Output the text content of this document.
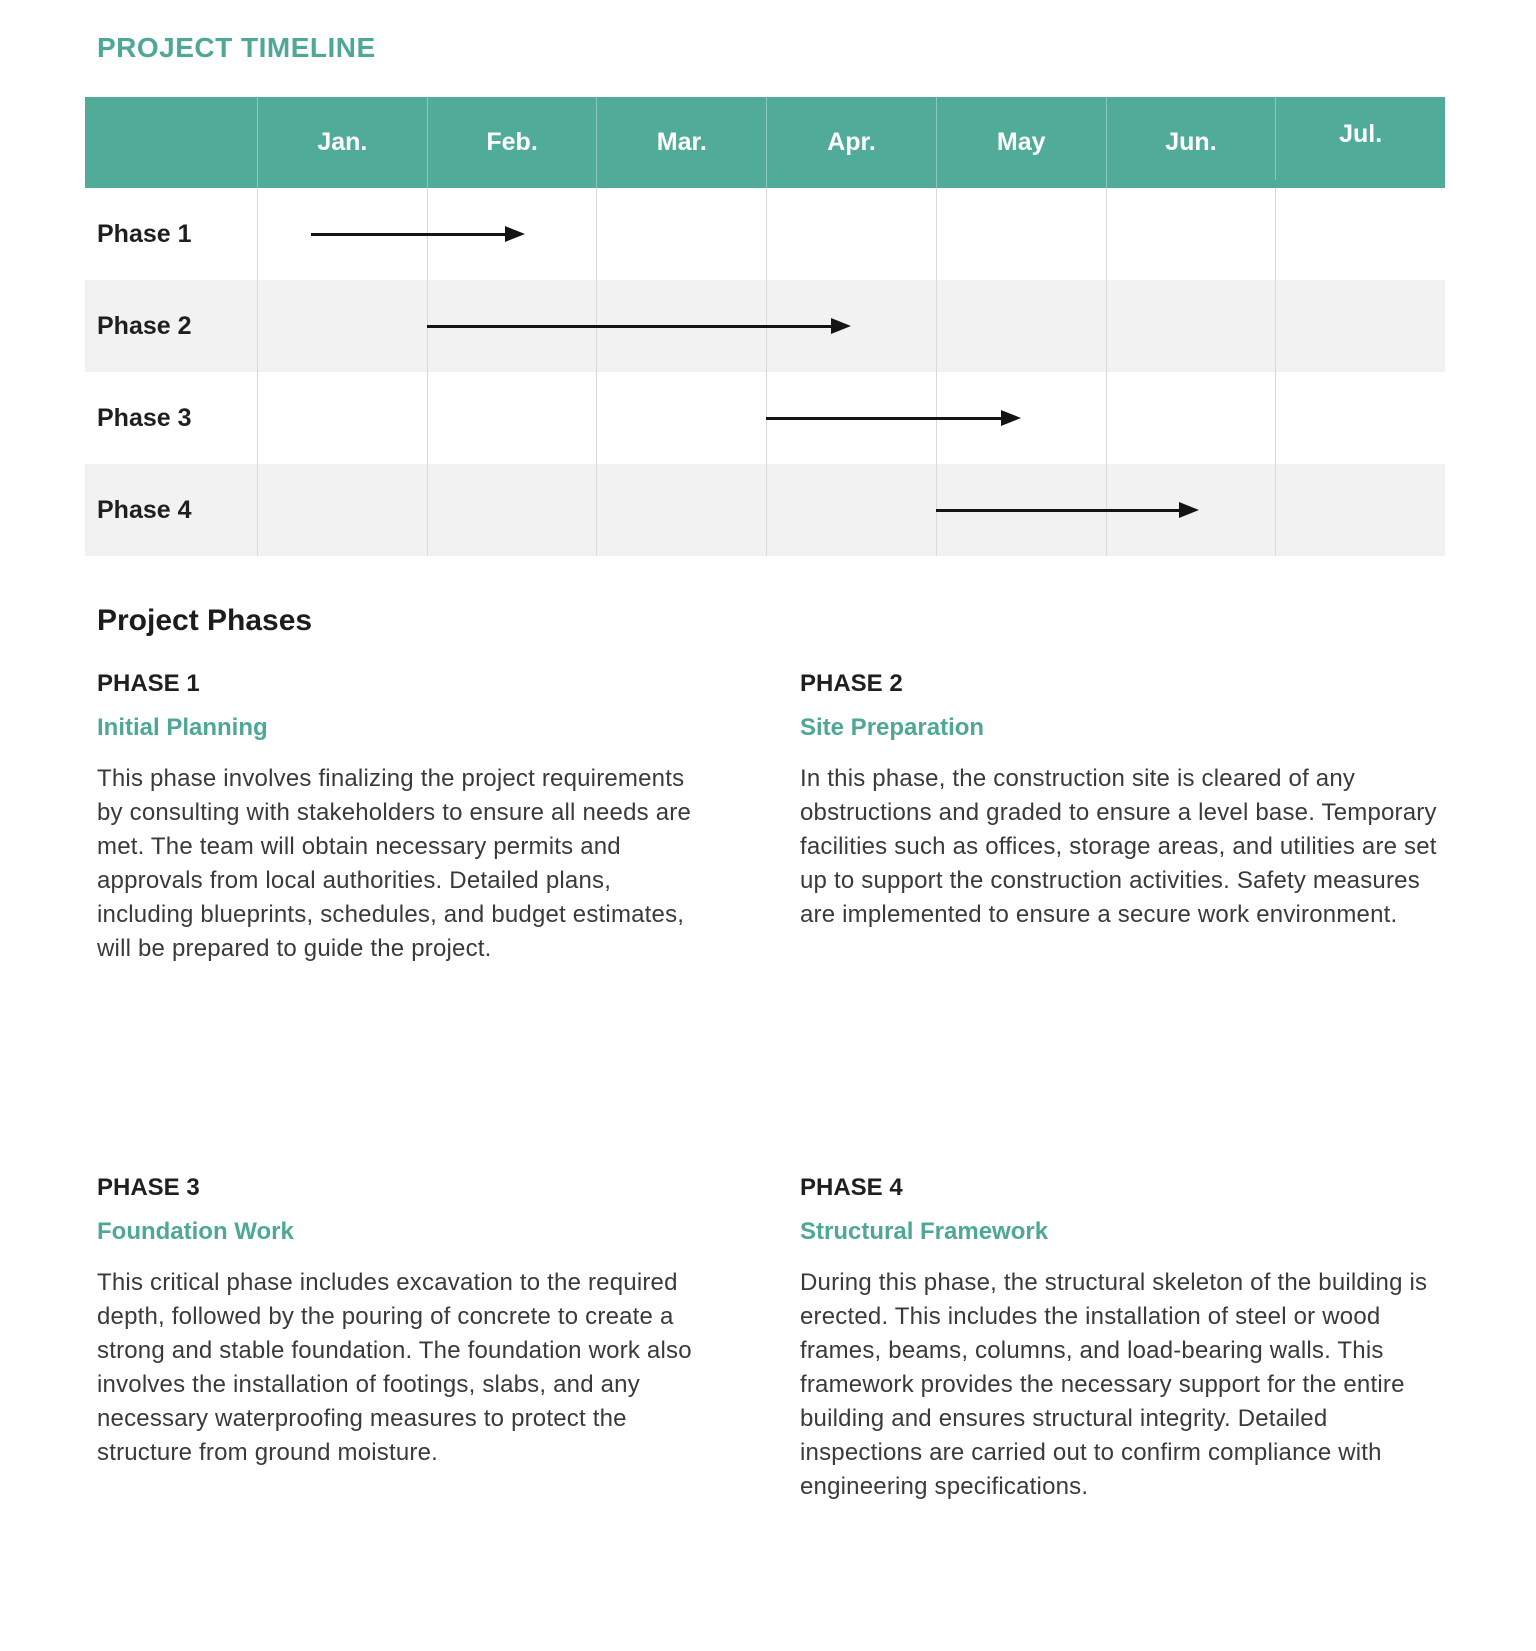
PROJECT TIMELINE
Jan.	Feb.	Mar.	Apr.	May	Jun.	Jul.
Phase 1
Phase 2
Phase 3
Phase 4
Project Phases
PHASE 1
Initial Planning
This phase involves finalizing the project requirements by consulting with stakeholders to ensure all needs are met. The team will obtain necessary permits and approvals from local authorities. Detailed plans, including blueprints, schedules, and budget estimates, will be prepared to guide the project.
PHASE 2
Site Preparation
In this phase, the construction site is cleared of any obstructions and graded to ensure a level base. Temporary facilities such as offices, storage areas, and utilities are set up to support the construction activities. Safety measures are implemented to ensure a secure work environment.
PHASE 3
Foundation Work
This critical phase includes excavation to the required depth, followed by the pouring of concrete to create a strong and stable foundation. The foundation work also involves the installation of footings, slabs, and any necessary waterproofing measures to protect the structure from ground moisture.
PHASE 4
Structural Framework
During this phase, the structural skeleton of the building is erected. This includes the installation of steel or wood frames, beams, columns, and load-bearing walls. This framework provides the necessary support for the entire building and ensures structural integrity. Detailed inspections are carried out to confirm compliance with engineering specifications.
